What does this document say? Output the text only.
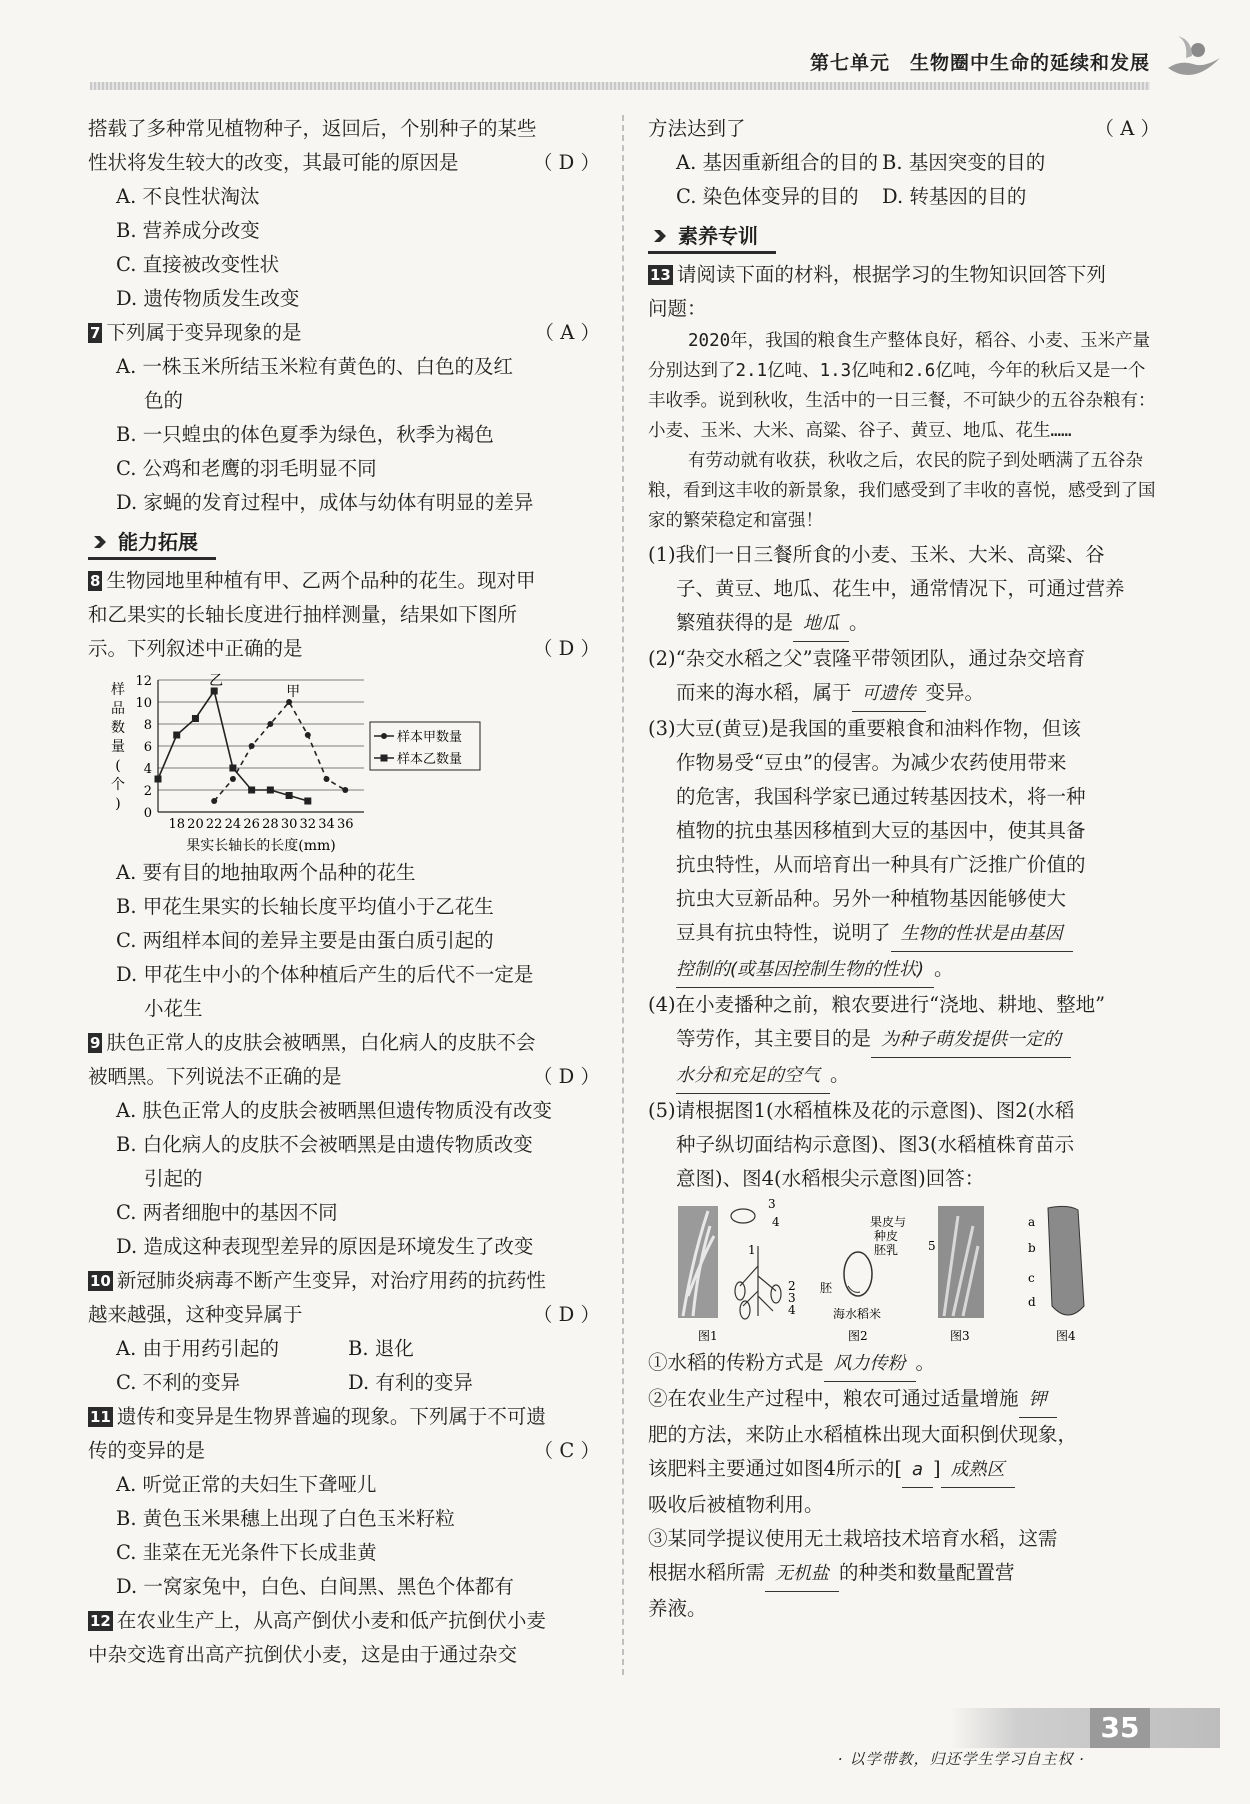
第七单元　生物圈中生命的延续和发展
搭载了多种常见植物种子，返回后，个别种子的某些
性状将发生较大的改变，其最可能的原因是	（ D ）
A. 不良性状淘汰
B. 营养成分改变
C. 直接被改变性状
D. 遗传物质发生改变
7 下列属于变异现象的是	（ A ）
A. 一株玉米所结玉米粒有黄色的、白色的及红
色的
B. 一只蝗虫的体色夏季为绿色，秋季为褐色
C. 公鸡和老鹰的羽毛明显不同
D. 家蝇的发育过程中，成体与幼体有明显的差异
能力拓展
8 生物园地里种植有甲、乙两个品种的花生。现对甲
和乙果实的长轴长度进行抽样测量，结果如下图所
示。下列叙述中正确的是	（ D ）
0
2
4
6
8
10
12
18 20 22 24 26 28 30 32 34 36
样
品
数
量
(
个
)
果实长轴长的长度(mm)
甲
乙
样本甲数量
样本乙数量
A. 要有目的地抽取两个品种的花生
B. 甲花生果实的长轴长度平均值小于乙花生
C. 两组样本间的差异主要是由蛋白质引起的
D. 甲花生中小的个体种植后产生的后代不一定是
小花生
9 肤色正常人的皮肤会被晒黑，白化病人的皮肤不会
被晒黑。下列说法不正确的是	（ D ）
A. 肤色正常人的皮肤会被晒黑但遗传物质没有改变
B. 白化病人的皮肤不会被晒黑是由遗传物质改变
引起的
C. 两者细胞中的基因不同
D. 造成这种表现型差异的原因是环境发生了改变
10 新冠肺炎病毒不断产生变异，对治疗用药的抗药性
越来越强，这种变异属于	（ D ）
A. 由于用药引起的	B. 退化
C. 不利的变异	D. 有利的变异
11 遗传和变异是生物界普遍的现象。下列属于不可遗
传的变异的是	（ C ）
A. 听觉正常的夫妇生下聋哑儿
B. 黄色玉米果穗上出现了白色玉米籽粒
C. 韭菜在无光条件下长成韭黄
D. 一窝家兔中，白色、白间黑、黑色个体都有
12 在农业生产上，从高产倒伏小麦和低产抗倒伏小麦
中杂交选育出高产抗倒伏小麦，这是由于通过杂交
方法达到了	（ A ）
A. 基因重新组合的目的 B. 基因突变的目的
C. 染色体变异的目的 D. 转基因的目的
素养专训
13 请阅读下面的材料，根据学习的生物知识回答下列
问题：
2020年，我国的粮食生产整体良好，稻谷、小麦、玉米产量分别达到了2.1亿吨、1.3亿吨和2.6亿吨，今年的秋后又是一个丰收季。说到秋收，生活中的一日三餐，不可缺少的五谷杂粮有：小麦、玉米、大米、高粱、谷子、黄豆、地瓜、花生……
有劳动就有收获，秋收之后，农民的院子到处晒满了五谷杂粮，看到这丰收的新景象，我们感受到了丰收的喜悦，感受到了国家的繁荣稳定和富强！
(1)我们一日三餐所食的小麦、玉米、大米、高粱、谷
子、黄豆、地瓜、花生中，通常情况下，可通过营养
繁殖获得的是 地瓜 。
(2)“杂交水稻之父”袁隆平带领团队，通过杂交培育
而来的海水稻，属于 可遗传 变异。
(3)大豆(黄豆)是我国的重要粮食和油料作物，但该
作物易受“豆虫”的侵害。为减少农药使用带来
的危害，我国科学家已通过转基因技术，将一种
植物的抗虫基因移植到大豆的基因中，使其具备
抗虫特性，从而培育出一种具有广泛推广价值的
抗虫大豆新品种。另外一种植物基因能够使大
豆具有抗虫特性，说明了 生物的性状是由基因
控制的(或基因控制生物的性状) 。
(4)在小麦播种之前，粮农要进行“浇地、耕地、整地”
等劳作，其主要目的是 为种子萌发提供一定的
水分和充足的空气 。
(5)请根据图1(水稻植株及花的示意图)、图2(水稻
种子纵切面结构示意图)、图3(水稻植株育苗示
意图)、图4(水稻根尖示意图)回答：
3
4
1
2
3
4
果皮与
种皮
胚乳
胚
海水稻米
5
a
b
c
d
图1	图2	图3	图4
①水稻的传粉方式是 风力传粉 。
②在农业生产过程中，粮农可通过适量增施 钾
肥的方法，来防止水稻植株出现大面积倒伏现象，
该肥料主要通过如图4所示的[ a ] 成熟区
吸收后被植物利用。
③某同学提议使用无土栽培技术培育水稻，这需
根据水稻所需 无机盐 的种类和数量配置营
养液。
35
· 以学带教，归还学生学习自主权 ·
